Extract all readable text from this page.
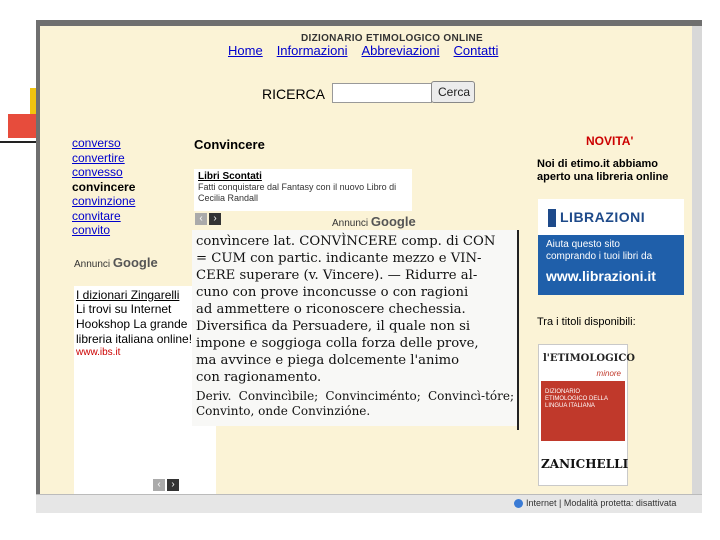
DIZIONARIO ETIMOLOGICO ONLINE
Home Informazioni Abbreviazioni Contatti
RICERCA	Cerca
converso
convertire
convesso
convincere
convinzione
convitare
convito
Annunci Google
I dizionari Zingarelli
Li trovi su Internet Hookshop La grande libreria italiana online!
www.ibs.it
‹	›
Convincere
Libri Scontati
Fatti conquistare dal Fantasy con il nuovo Libro di Cecilia Randall
‹	›	Annunci Google
convìncere lat. CONVÌNCERE comp. di CON
= CUM con partic. indicante mezzo e VIN-
CERE superare (v. Vincere). — Ridurre al-
cuno con prove inconcusse o con ragioni
ad ammettere o riconoscere chechessia.
Diversifica da Persuadere, il quale non si
impone e soggioga colla forza delle prove,
ma avvince e piega dolcemente l'animo
con ragionamento.
Deriv. Convincìbile; Convinciménto; Convincì-tóre; Convinto, onde Convinzióne.
NOVITA'
Noi di etimo.it abbiamo aperto una libreria online
LIBRAZIONI
Aiuta questo sito
comprando i tuoi libri da
www.librazioni.it
Tra i titoli disponibili:
l'ETIMOLOGICO
minore
DIZIONARIO ETIMOLOGICO DELLA LINGUA ITALIANA
ZANICHELLI
Internet | Modalità protetta: disattivata
